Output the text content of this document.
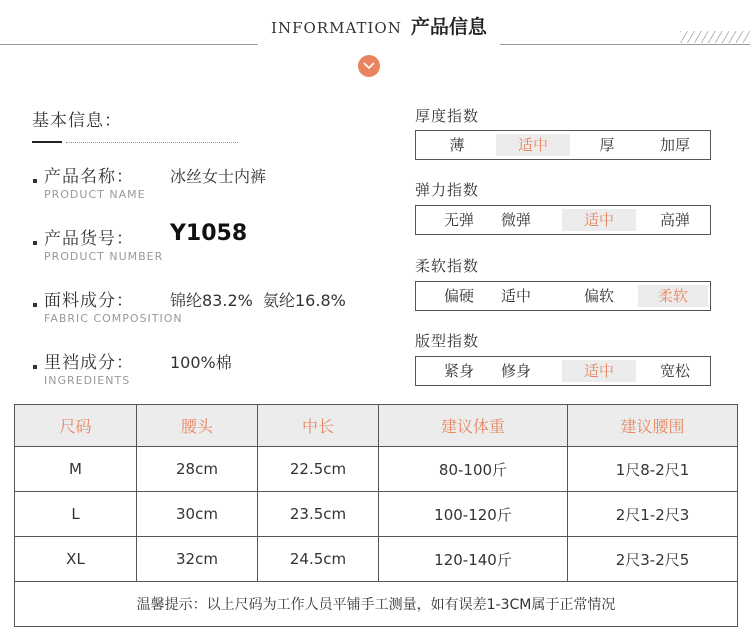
INFORMATION 产品信息
基本信息：
产品名称：
PRODUCT NAME
冰丝女士内裤
产品货号：
PRODUCT NUMBER
Y1058
面料成分：
FABRIC COMPOSITION
锦纶83.2%  氨纶16.8%
里裆成分：
INGREDIENTS
100%棉
厚度指数
薄	适中	厚	加厚
弹力指数
无弹	微弹	适中	高弹
柔软指数
偏硬	适中	偏软	柔软
版型指数
紧身	修身	适中	宽松
尺码	腰头	中长	建议体重	建议腰围
M	28cm	22.5cm	80-100斤	1尺8-2尺1
L	30cm	23.5cm	100-120斤	2尺1-2尺3
XL	32cm	24.5cm	120-140斤	2尺3-2尺5
温馨提示：以上尺码为工作人员平铺手工测量，如有误差1-3CM属于正常情况				
